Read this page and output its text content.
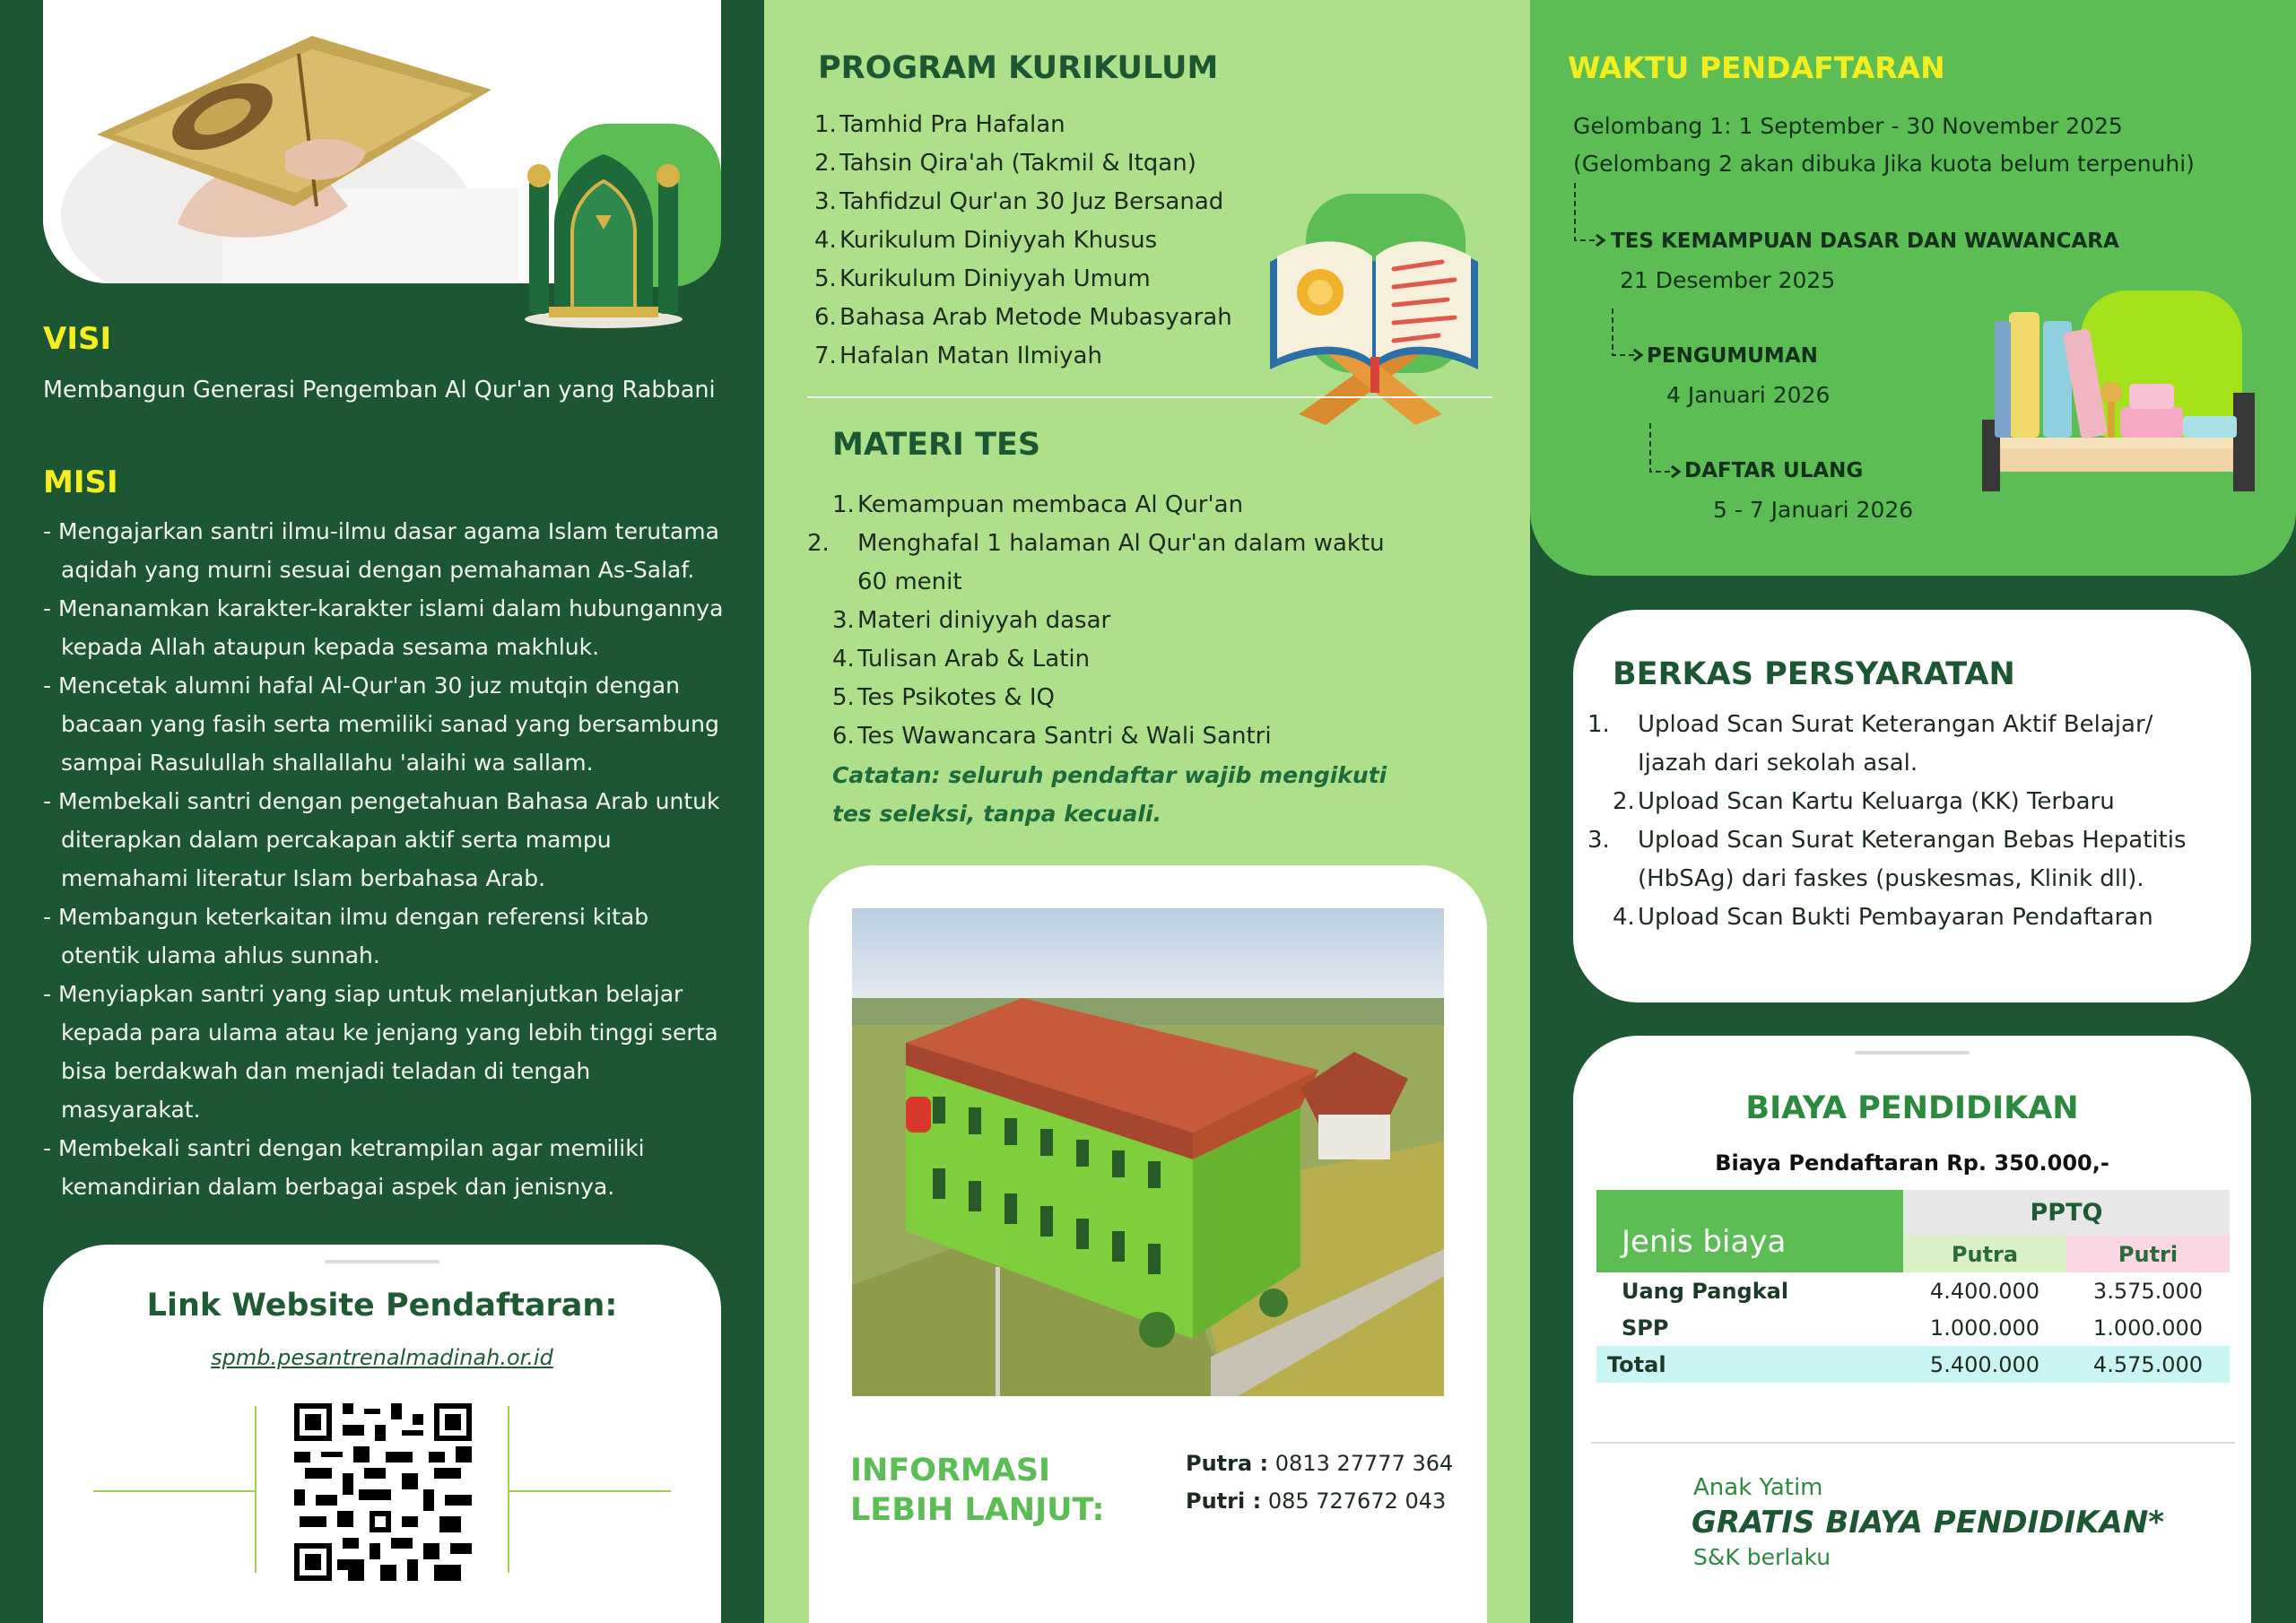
VISI
Membangun Generasi Pengemban Al Qur'an yang Rabbani
MISI
- Mengajarkan santri ilmu-ilmu dasar agama Islam terutama aqidah yang murni sesuai dengan pemahaman As-Salaf.
- Menanamkan karakter-karakter islami dalam hubungannya kepada Allah ataupun kepada sesama makhluk.
- Mencetak alumni hafal Al-Qur'an 30 juz mutqin dengan bacaan yang fasih serta memiliki sanad yang bersambung sampai Rasulullah shallallahu 'alaihi wa sallam.
- Membekali santri dengan pengetahuan Bahasa Arab untuk diterapkan dalam percakapan aktif serta mampu memahami literatur Islam berbahasa Arab.
- Membangun keterkaitan ilmu dengan referensi kitab otentik ulama ahlus sunnah.
- Menyiapkan santri yang siap untuk melanjutkan belajar kepada para ulama atau ke jenjang yang lebih tinggi serta bisa berdakwah dan menjadi teladan di tengah masyarakat.
- Membekali santri dengan ketrampilan agar memiliki kemandirian dalam berbagai aspek dan jenisnya.
Link Website Pendaftaran:
spmb.pesantrenalmadinah.or.id
PROGRAM KURIKULUM
1. Tamhid Pra Hafalan
2. Tahsin Qira'ah (Takmil & Itqan)
3. Tahfidzul Qur'an 30 Juz Bersanad
4. Kurikulum Diniyyah Khusus
5. Kurikulum Diniyyah Umum
6. Bahasa Arab Metode Mubasyarah
7. Hafalan Matan Ilmiyah
MATERI TES
1. Kemampuan membaca Al Qur'an
2. Menghafal 1 halaman Al Qur'an dalam waktu 60 menit
3. Materi diniyyah dasar
4. Tulisan Arab & Latin
5. Tes Psikotes & IQ
6. Tes Wawancara Santri & Wali Santri
Catatan: seluruh pendaftar wajib mengikuti tes seleksi, tanpa kecuali.
INFORMASI
LEBIH LANJUT:
Putra : 0813 27777 364
Putri : 085 727672 043
WAKTU PENDAFTARAN
Gelombang 1: 1 September - 30 November 2025
(Gelombang 2 akan dibuka Jika kuota belum terpenuhi)
TES KEMAMPUAN DASAR DAN WAWANCARA
21 Desember 2025
PENGUMUMAN
4 Januari 2026
DAFTAR ULANG
5 - 7 Januari 2026
BERKAS PERSYARATAN
1. Upload Scan Surat Keterangan Aktif Belajar/ Ijazah dari sekolah asal.
2. Upload Scan Kartu Keluarga (KK) Terbaru
3. Upload Scan Surat Keterangan Bebas Hepatitis (HbSAg) dari faskes (puskesmas, Klinik dll).
4. Upload Scan Bukti Pembayaran Pendaftaran
BIAYA PENDIDIKAN
Biaya Pendaftaran Rp. 350.000,-
Jenis biaya	PPTQ	
	Putra	Putri
Uang Pangkal	4.400.000	3.575.000
SPP	1.000.000	1.000.000
Total	5.400.000	4.575.000
Anak Yatim
GRATIS BIAYA PENDIDIKAN*
S&K berlaku
